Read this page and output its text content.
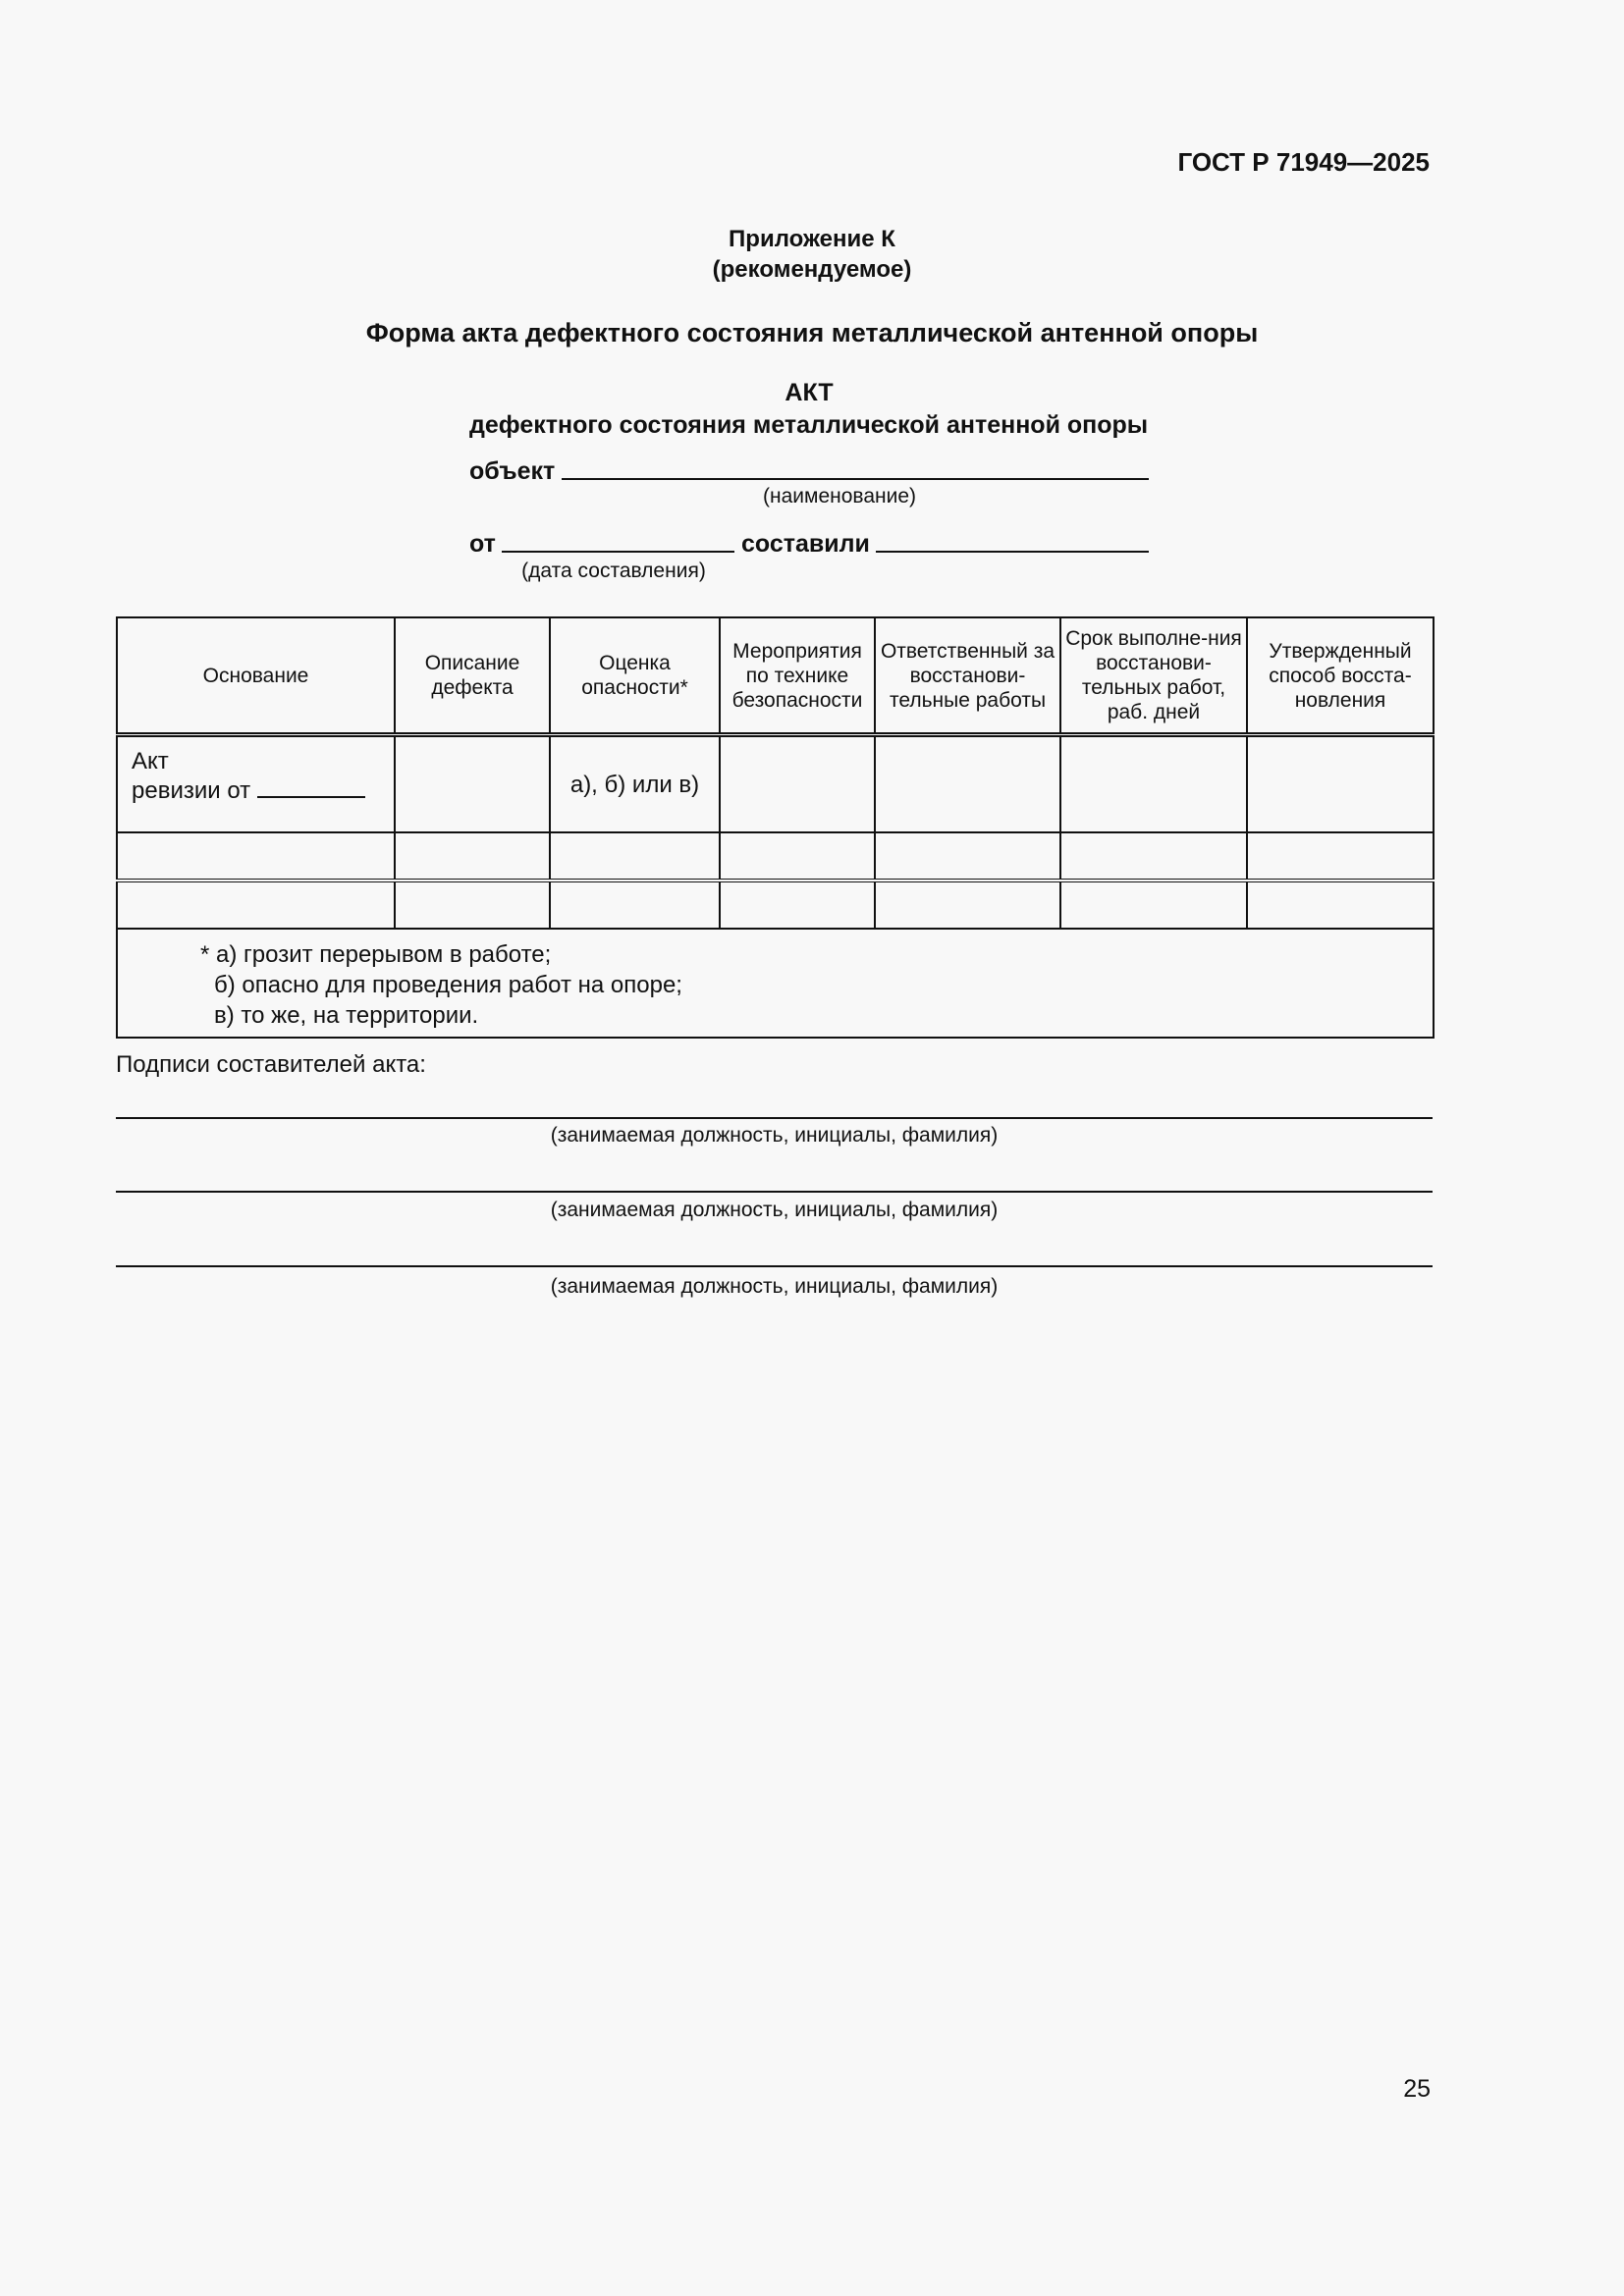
ГОСТ Р 71949—2025
Приложение К
(рекомендуемое)
Форма акта дефектного состояния металлической антенной опоры
АКТ
дефектного состояния металлической антенной опоры
объект
(наименование)
от	составили
(дата составления)
Основание	Описание дефекта	Оценка опасности*	Мероприятия по технике безопасности	Ответственный за восстанови-тельные работы	Срок выполне-ния восстанови-тельных работ, раб. дней	Утвержденный способ восста-новления

Акт
ревизии от		а), б) или в)				

* а) грозит перерывом в работе;
б) опасно для проведения работ на опоре;
в) то же, на территории.						
Подписи составителей акта:
(занимаемая должность, инициалы, фамилия)
(занимаемая должность, инициалы, фамилия)
(занимаемая должность, инициалы, фамилия)
25
